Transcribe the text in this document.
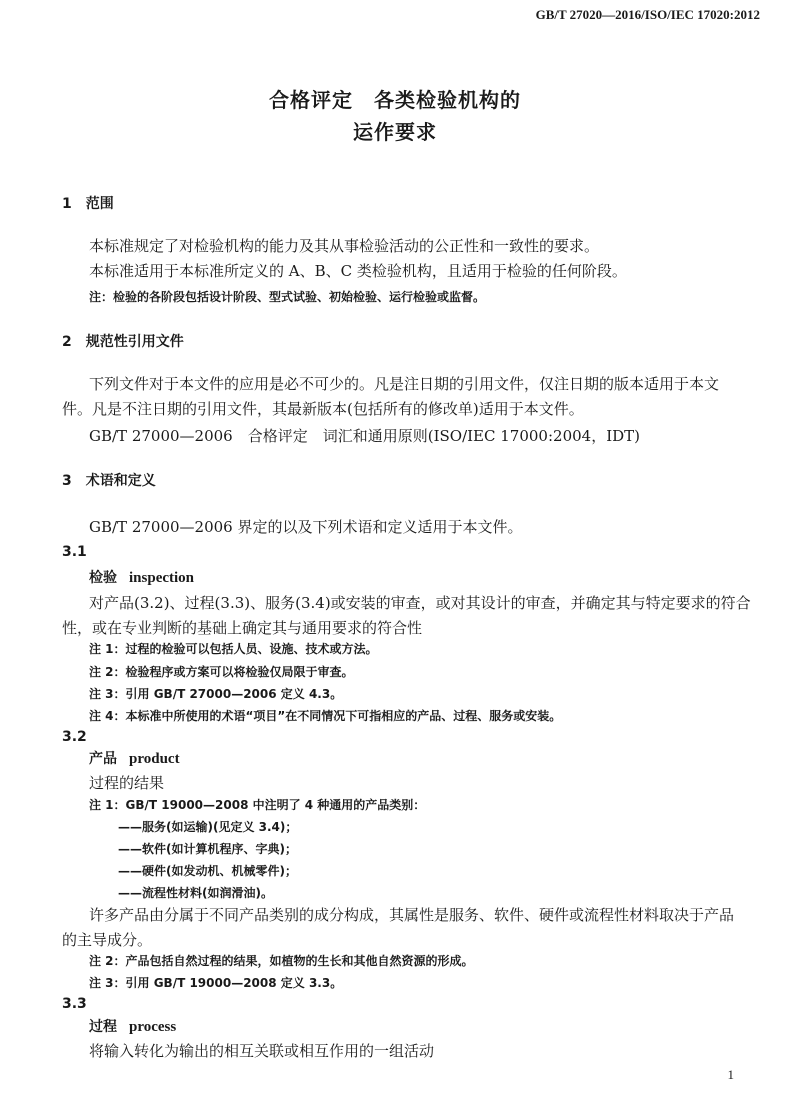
GB/T 27020—2016/ISO/IEC 17020:2012
合格评定　各类检验机构的
运作要求
1　范围
本标准规定了对检验机构的能力及其从事检验活动的公正性和一致性的要求。
本标准适用于本标准所定义的 A、B、C 类检验机构，且适用于检验的任何阶段。
注：检验的各阶段包括设计阶段、型式试验、初始检验、运行检验或监督。
2　规范性引用文件
下列文件对于本文件的应用是必不可少的。凡是注日期的引用文件，仅注日期的版本适用于本文
件。凡是不注日期的引用文件，其最新版本(包括所有的修改单)适用于本文件。
GB/T 27000—2006　合格评定　词汇和通用原则(ISO/IEC 17000:2004，IDT)
3　术语和定义
GB/T 27000—2006 界定的以及下列术语和定义适用于本文件。
3.1
检验 inspection
对产品(3.2)、过程(3.3)、服务(3.4)或安装的审查，或对其设计的审查，并确定其与特定要求的符合
性，或在专业判断的基础上确定其与通用要求的符合性
注 1：过程的检验可以包括人员、设施、技术或方法。
注 2：检验程序或方案可以将检验仅局限于审查。
注 3：引用 GB/T 27000—2006 定义 4.3。
注 4：本标准中所使用的术语“项目”在不同情况下可指相应的产品、过程、服务或安装。
3.2
产品 product
过程的结果
注 1：GB/T 19000—2008 中注明了 4 种通用的产品类别：
——服务(如运输)(见定义 3.4)；
——软件(如计算机程序、字典)；
——硬件(如发动机、机械零件)；
——流程性材料(如润滑油)。
许多产品由分属于不同产品类别的成分构成，其属性是服务、软件、硬件或流程性材料取决于产品
的主导成分。
注 2：产品包括自然过程的结果，如植物的生长和其他自然资源的形成。
注 3：引用 GB/T 19000—2008 定义 3.3。
3.3
过程 process
将输入转化为输出的相互关联或相互作用的一组活动
1
